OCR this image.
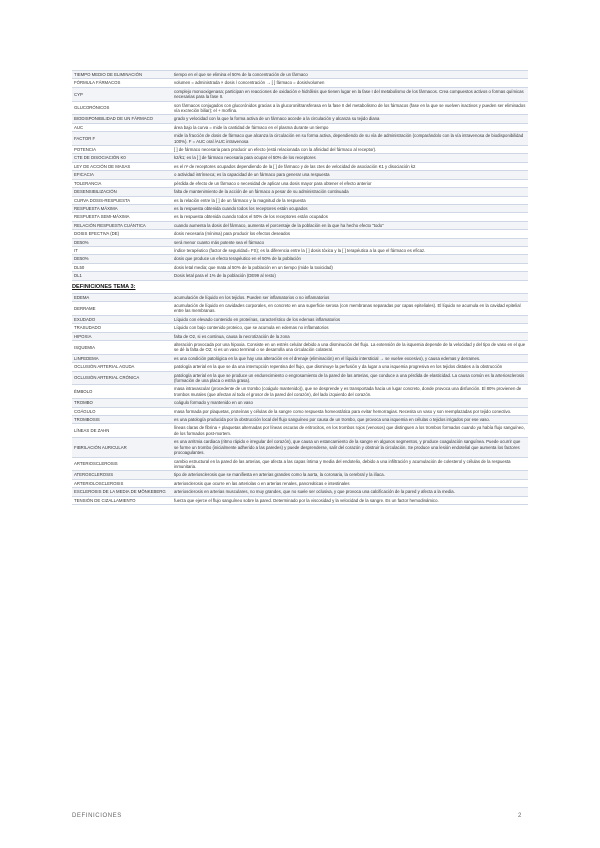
TIEMPO MEDIO DE ELIMINACIÓN	tiempo en el que se elimina el 50% de la concentración de un fármaco
FÓRMULA FÁRMACOS	volumen = administrada × dosis / concentración → [ ] fármaco = dosis/volumen
CYP	complejo monooxigenasa; participan en reacciones de oxidación e hidrólisis que tienen lugar en la fase I del metabolismo de los fármacos. Crea compuestos activos o formas químicas necesarias para la fase II.
GLUCORÓNICOS	son fármacos conjugados con glucorónidos gracias a la glucoroniltransferasa en la fase II del metabolismo de los fármacos (fase en la que se vuelven inactivos y pueden ser eliminados vía excreción biliar); el + morfina.
BIODISPONIBILIDAD DE UN FÁRMACO	grado y velocidad con la que la forma activa de un fármaco accede a la circulación y alcanza su tejido diana
AUC	área bajo la curva = mide la cantidad de fármaco en el plasma durante un tiempo
FACTOR F	mide la fracción de dosis de fármaco que alcanza la circulación en su forma activa, dependiendo de su vía de administración (comparándolo con la vía intravenosa de biodisponibilidad 100%). F = AUC oral /AUC intravenosa
POTENCIA	[ ] de fármaco necesaria para producir un efecto (está relacionada con la afinidad del fármaco al receptor).
CTE DE DISOCIACIÓN K0	k2/k1; es la [ ] de fármaco necesaria para ocupar el 50% de los receptores
LEY DE ACCIÓN DE MASAS	es el nº de receptores ocupados dependiendo de la [ ] de fármaco y de las ctes de velocidad de asociación K1 y disociación k2
EFICACIA	o actividad intrínseca; es la capacidad de un fármaco para generar una respuesta
TOLERANCIA	pérdida de efecto de un fármaco o necesidad de aplicar una dosis mayor para obtener el efecto anterior
DESENSIBILIZACIÓN	falta de mantenimiento de la acción de un fármaco a pesar de su administración continuada
CURVA DOSIS-RESPUESTA	es la relación entre la [ ] de un fármaco y la magnitud de la respuesta
RESPUESTA MÁXIMA	es la respuesta obtenida cuando todos los receptores están ocupados
RESPUESTA SEMI-MÁXIMA	es la respuesta obtenida cuando todos el 50% de los receptores están ocupados
RELACIÓN RESPUESTA CUÁNTICA	cuando aumenta la dosis del fármaco, aumenta el porcentaje de la población en la que ha hecho efecto "todo"
DOSIS EFECTIVA (DE)	dosis necesaria (mínima) para producir los efectos deseados
DE50%	será menor cuanto más potente sea el fármaco
IT	índice terapéutico (factor de seguridad= FS); es la diferencia entre la [ ] dosis tóxica y la [ ] terapéutica a la que el fármaco es eficaz.
DE50%	dosis que produce un efecto terapéutico en el 50% de la población
DL50	dosis letal media; que mata al 50% de la población en un tiempo (mide la toxicidad)
DL1	Dosis letal para el 1% de la población (DE99 al resto)
DEFINICIONES TEMA 3:
EDEMA	acumulación de líquido en los tejidos. Pueden ser inflamatorios o no inflamatorios
DERRAME	acumulación de líquido en cavidades corporales, en concreto en una superficie serosa (con membranas separadas por capas epiteliales). El líquido se acumula en la cavidad epitelial entre las membranas.
EXUDADO	Líquido con elevado contenido en proteínas, característico de los edemas inflamatorios
TRASUDADO	Líquido con bajo contenido proteico, que se acumula en edemas no inflamatorios
HIPOXIA	falta de O2, si es continua, causa la necrotización de la zona
ISQUEMIA	alteración provocada por una hipoxia. Consiste en un estrés celular debido a una disminución del flujo. La extensión de la isquemia depende de la velocidad y del tipo de vaso en el que se dé la falta de O2; si es un vaso terminal o se desarrolla una circulación colateral.
LINFEDEMA	es una condición patológica en la que hay una alteración en el drenaje (eliminación) en el líquido intersticial → se vuelve excesivo), y causa edemas y derrames.
OCLUSIÓN ARTERIAL AGUDA	patología arterial en la que se da una interrupción repentina del flujo, que disminuye la perfusión y da lugar a una isquemia progresiva en los tejidos distales a la obstrucción
OCLUSIÓN ARTERIAL CRÓNICA	patología arterial en la que se produce un endurecimiento o engrosamiento de la pared de las arterias, que conduce a una pérdida de elasticidad. La causa común es la arteriosclerosis (formación de una placa o estría grasa).
ÉMBOLO	masa intravascular (procedente de un trombo (coágulo mantenido)), que se desprende y es transportada hacia un lugar concreto, donde provoca una disfunción. El 80% provienen de trombos murales (que afectan al todo el grosor de la pared del corazón), del lado izquierdo del corazón.
TROMBO	coágulo formado y mantenido en un vaso
COÁGULO	masa formada por plaquetas, proteínas y células de la sangre como respuesta homeostática para evitar hemorragias. Necesita un vaso y son reemplazadas por tejido conectivo.
TROMBOSIS	es una patología producida por la obstrucción local del flujo sanguíneo por causa de un trombo, que provoca una isquemia en células o tejidos irrigados por ese vaso.
LÍNEAS DE ZAHN	líneas claras de fibrina + plaquetas alternadas por líneas oscuras de eritrocitos, en los trombos rojos (venosos) que distinguen a los trombos formados cuando ya había flujo sanguíneo, de los formados post-mortem.
FIBRILACIÓN AURICULAR	es una arritmia cardiaca (ritmo rápido e irregular del corazón), que causa un estancamiento de la sangre en algunos segmentos, y produce coagulación sanguínea. Puede ocurrir que se forme un trombo (inicialmente adherido a las paredes) y puede desprenderse, salir del corazón y obstruir la circulación. Se produce una lesión endotelial que aumenta los factores procoagulantes.
ARTERIOSCLEROSIS	cambio estructural en la pared de las arterias, que afecta a las capas íntima y media del endotelio, debido a una infiltración y acumulación de colesterol y células de la respuesta inmunitaria.
ATEROSCLEROSIS	tipo de arteriosclerosis que se manifiesta en arterias grandes como la aorta, la coronaria, la cerebral y la ilíaca.
ARTERIOLOSCLEROSIS	arteriosclerosis que ocurre en las arteriolas o en arterias renales, pancreáticas e intestinales
ESCLEROSIS DE LA MEDIA DE MÖNKEBERG	arteriosclerosis en arterias musculares, no muy grandes, que no suele ser oclusiva, y que provoca una calcificación de la pared y afecta a la media.
TENSIÓN DE CIZALLAMIENTO	fuerza que ejerce el flujo sanguíneo sobre la pared. Determinado por la viscosidad y la velocidad de la sangre. Es un factor hemodinámico.
DEFINICIONES	2
